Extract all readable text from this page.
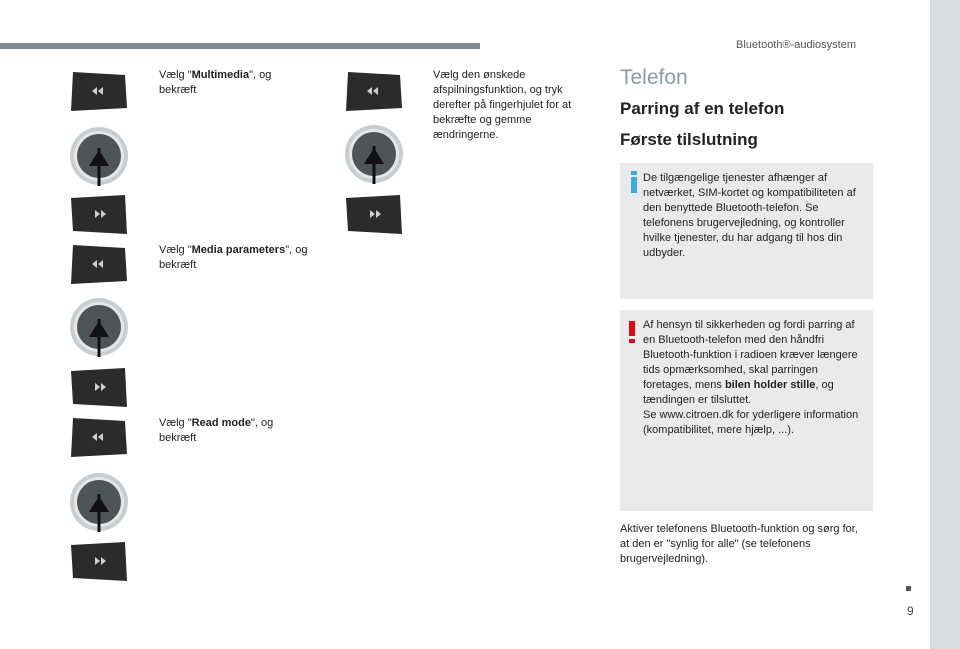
Bluetooth®-audiosystem
9
Vælg "Multimedia", og bekræft
Vælg "Media parameters", og bekræft
Vælg "Read mode", og bekræft
Vælg den ønskede afspilningsfunktion, og tryk derefter på fingerhjulet for at bekræfte og gemme ændringerne.
Telefon
Parring af en telefon
Første tilslutning
De tilgængelige tjenester afhænger af netværket, SIM-kortet og kompatibiliteten af den benyttede Bluetooth-telefon. Se telefonens brugervejledning, og kontroller hvilke tjenester, du har adgang til hos din udbyder.
Af hensyn til sikkerheden og fordi parring af en Bluetooth-telefon med den håndfri Bluetooth-funktion i radioen kræver længere tids opmærksomhed, skal parringen foretages, mens bilen holder stille, og tændingen er tilsluttet.
Se www.citroen.dk for yderligere information (kompatibilitet, mere hjælp, ...).
Aktiver telefonens Bluetooth-funktion og sørg for, at den er "synlig for alle" (se telefonens brugervejledning).
